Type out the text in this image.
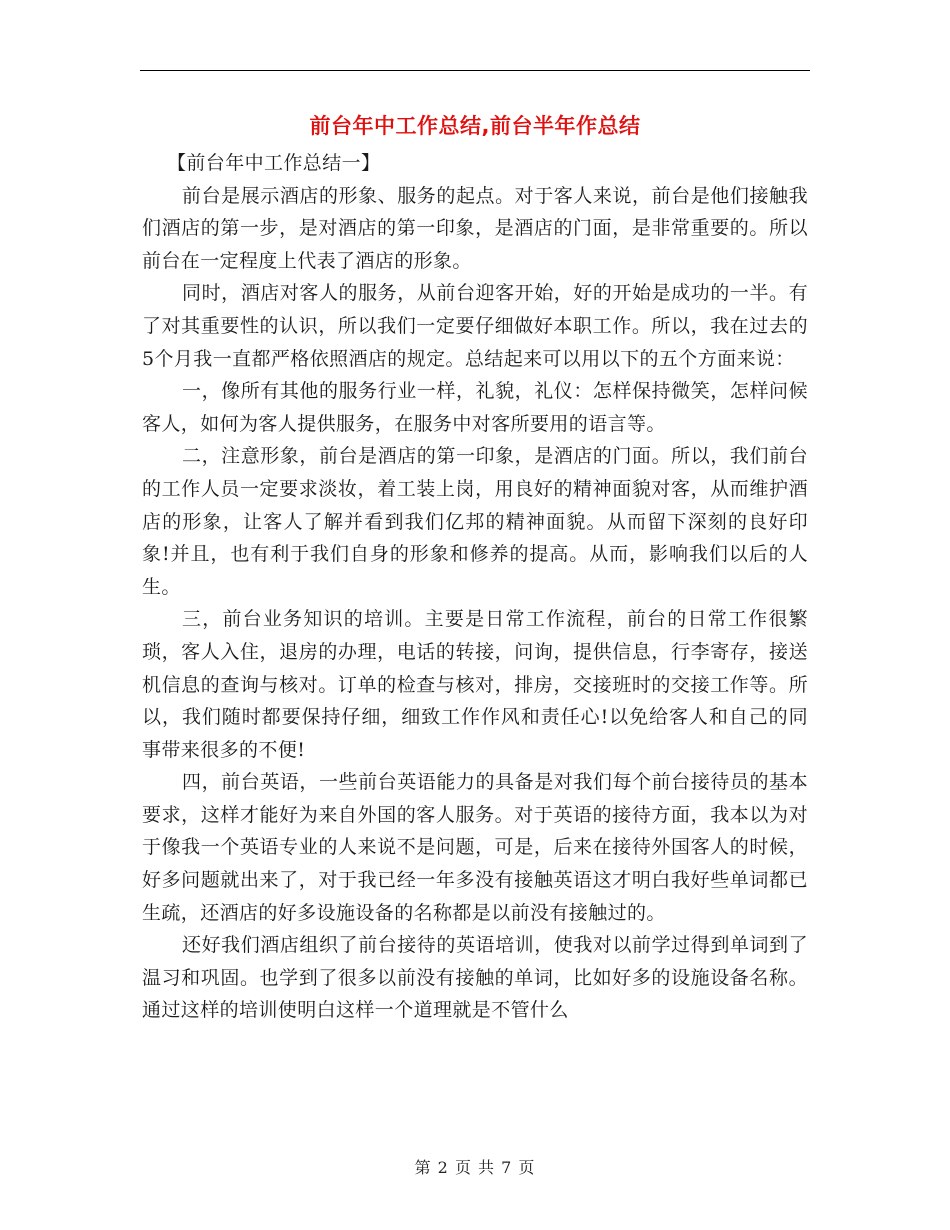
前台年中工作总结,前台半年作总结

【前台年中工作总结一】

前台是展示酒店的形象、服务的起点。对于客人来说，前台是他们接触我们酒店的第一步，是对酒店的第一印象，是酒店的门面，是非常重要的。所以前台在一定程度上代表了酒店的形象。

同时，酒店对客人的服务，从前台迎客开始，好的开始是成功的一半。有了对其重要性的认识，所以我们一定要仔细做好本职工作。所以，我在过去的5个月我一直都严格依照酒店的规定。总结起来可以用以下的五个方面来说：

一，像所有其他的服务行业一样，礼貌，礼仪：怎样保持微笑，怎样问候客人，如何为客人提供服务，在服务中对客所要用的语言等。

二，注意形象，前台是酒店的第一印象，是酒店的门面。所以，我们前台的工作人员一定要求淡妆，着工装上岗，用良好的精神面貌对客，从而维护酒店的形象，让客人了解并看到我们亿邦的精神面貌。从而留下深刻的良好印象!并且，也有利于我们自身的形象和修养的提高。从而，影响我们以后的人生。

三，前台业务知识的培训。主要是日常工作流程，前台的日常工作很繁琐，客人入住，退房的办理，电话的转接，问询，提供信息，行李寄存，接送机信息的查询与核对。订单的检查与核对，排房，交接班时的交接工作等。所以，我们随时都要保持仔细，细致工作作风和责任心!以免给客人和自己的同事带来很多的不便!

四，前台英语，一些前台英语能力的具备是对我们每个前台接待员的基本要求，这样才能好为来自外国的客人服务。对于英语的接待方面，我本以为对于像我一个英语专业的人来说不是问题，可是，后来在接待外国客人的时候，好多问题就出来了，对于我已经一年多没有接触英语这才明白我好些单词都已生疏，还酒店的好多设施设备的名称都是以前没有接触过的。

还好我们酒店组织了前台接待的英语培训，使我对以前学过得到单词到了温习和巩固。也学到了很多以前没有接触的单词，比如好多的设施设备名称。通过这样的培训使明白这样一个道理就是不管什么

第 2 页 共 7 页
